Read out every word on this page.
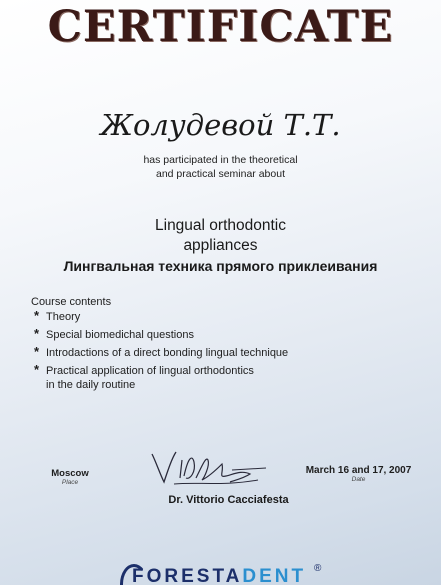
CERTIFICATE
Жолудевой Т.Т.
has participated in the theoretical
and practical seminar about
Lingual orthodontic
appliances
Лингвальная техника прямого приклеивания
Course contents
* Theory
* Special biomedichal questions
* Introdactions of a direct bonding lingual technique
* Practical application of lingual orthodontics
in the daily routine
Moscow
Place
March 16 and 17, 2007
Date
Dr. Vittorio Cacciafesta
FORESTADENT ®
